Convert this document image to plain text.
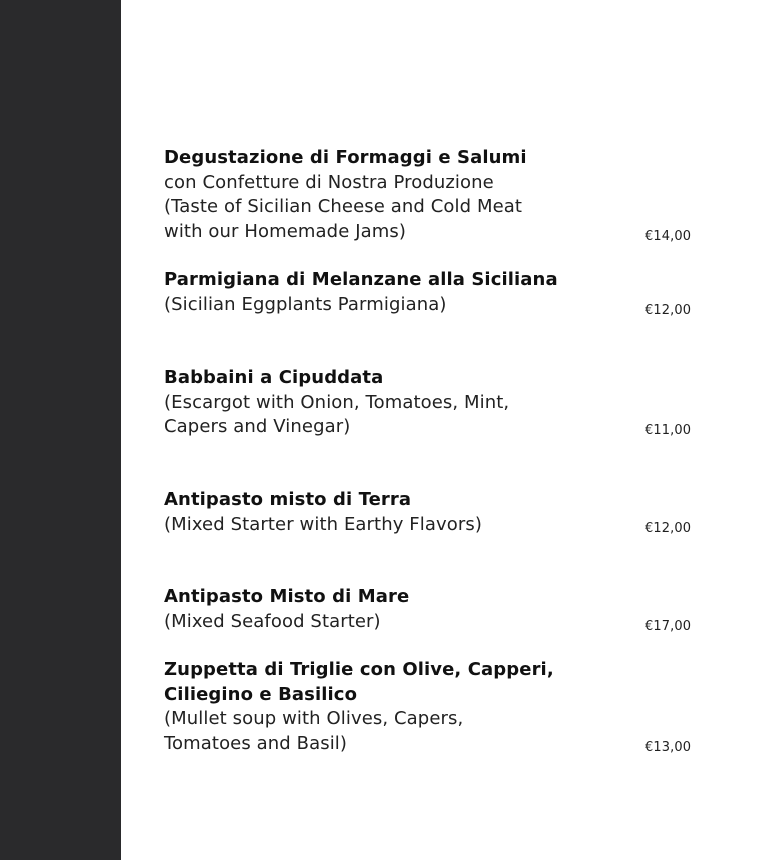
Degustazione di Formaggi e Salumi
con Confetture di Nostra Produzione
(Taste of Sicilian Cheese and Cold Meat
with our Homemade Jams)	€14,00
Parmigiana di Melanzane alla Siciliana
(Sicilian Eggplants Parmigiana)	€12,00
Babbaini a Cipuddata
(Escargot with Onion, Tomatoes, Mint,
Capers and Vinegar)	€11,00
Antipasto misto di Terra
(Mixed Starter with Earthy Flavors)	€12,00
Antipasto Misto di Mare
(Mixed Seafood Starter)	€17,00
Zuppetta di Triglie con Olive, Capperi,
Ciliegino e Basilico
(Mullet soup with Olives, Capers,
Tomatoes and Basil)	€13,00
